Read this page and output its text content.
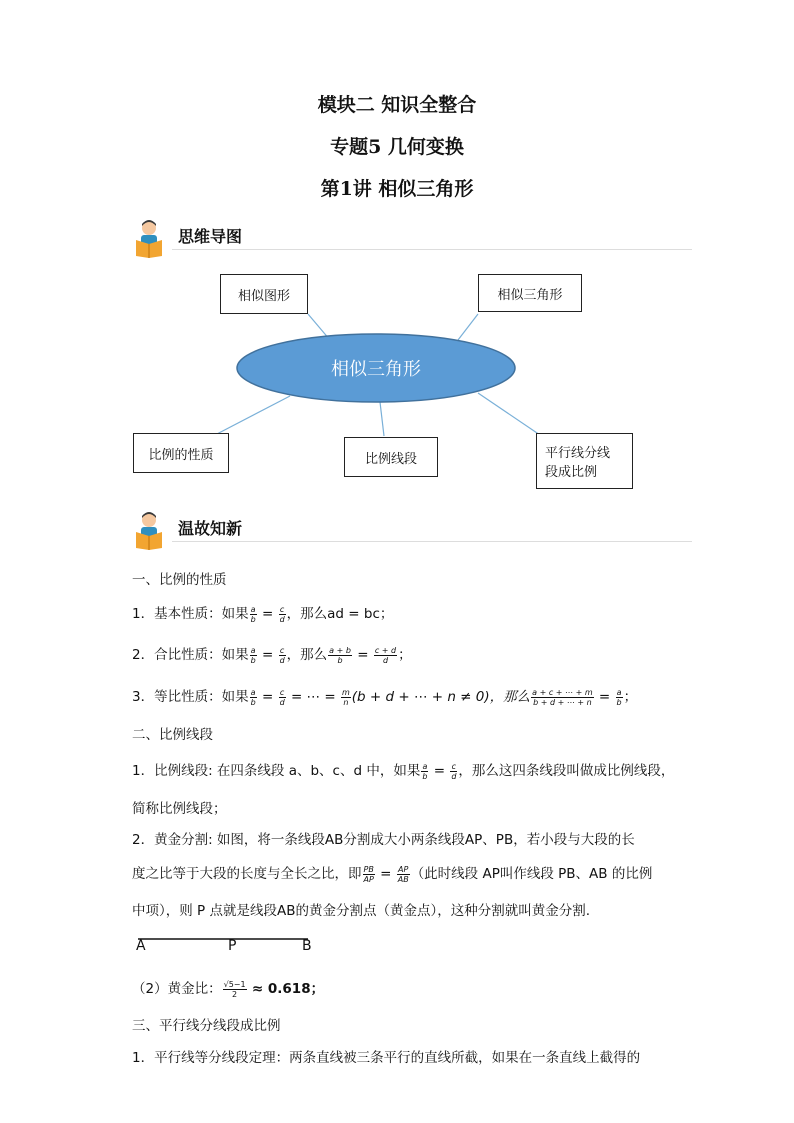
模块二 知识全整合
专题5 几何变换
第1讲 相似三角形
思维导图
相似三角形
相似图形	相似三角形
比例的性质	比例线段	平行线分线
段成比例
温故知新
一、比例的性质
1．基本性质：如果 $\frac{a}{b} = \frac{c}{d}$ ，那么ad = bc；
2．合比性质：如果 $\frac{a}{b} = \frac{c}{d}$ ，那么 $\frac{a + b}{b} = \frac{c + d}{d}$ ；
3．等比性质：如果 $\frac{a}{b} = \frac{c}{d}$ = ⋯ = $\frac{m}{n} (b + d$ + ⋯ + n ≠ 0)，那么 $\frac{a + c + \cdots + m}{b + d + \cdots + n} = \frac{a}{b}$ ；
二、比例线段
1．比例线段: 在四条线段 a、b、c、d 中，如果 $\frac{a}{b} = \frac{c}{d}$ ，那么这四条线段叫做成比例线段，
简称比例线段；
2．黄金分割: 如图，将一条线段AB分割成大小两条线段AP、PB，若小段与大段的长
度之比等于大段的长度与全长之比，即 $\frac{PB}{AP} = \frac{AP}{AB}$ （此时线段 AP叫作线段 PB、AB 的比例
中项），则 P 点就是线段AB的黄金分割点（黄金点），这种分割就叫黄金分割.
A	P	B
（2）黄金比： $\frac{√5-1}{2} \approx 0.618$；
三、平行线分线段成比例
1．平行线等分线段定理：两条直线被三条平行的直线所截，如果在一条直线上截得的
